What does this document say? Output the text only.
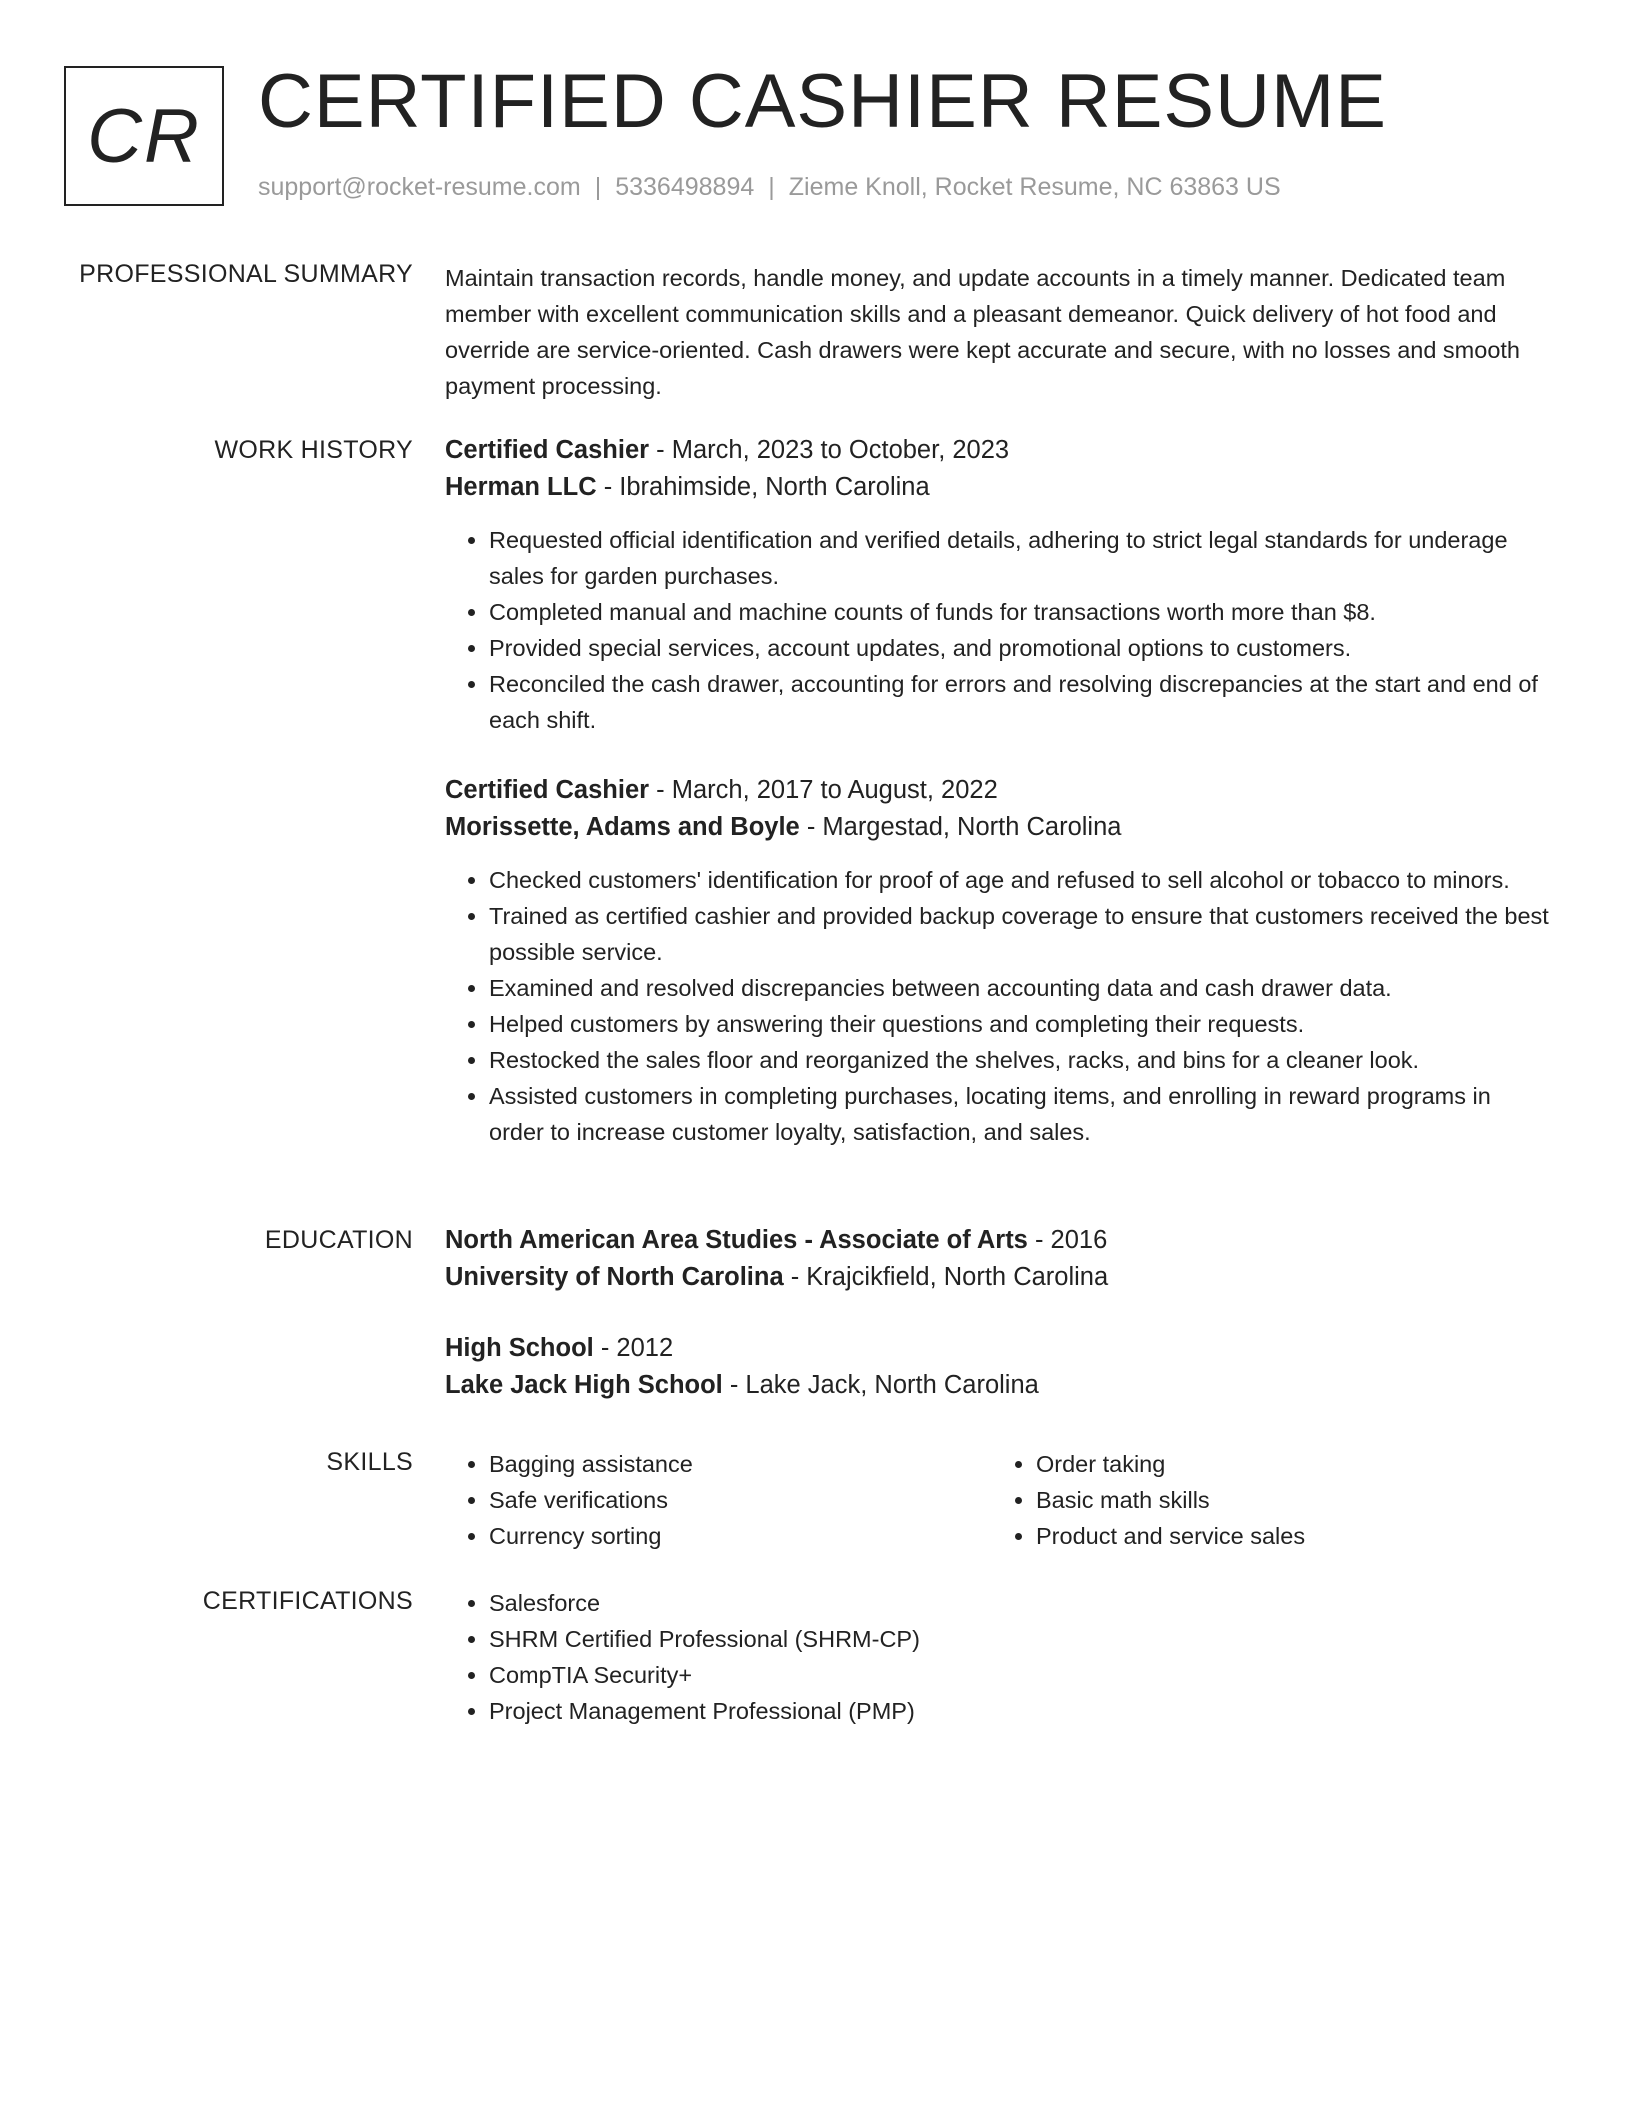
CR CERTIFIED CASHIER RESUME
support@rocket-resume.com | 5336498894 | Zieme Knoll, Rocket Resume, NC 63863 US
PROFESSIONAL SUMMARY Maintain transaction records, handle money, and update accounts in a timely manner. Dedicated team member with excellent communication skills and a pleasant demeanor. Quick delivery of hot food and override are service-oriented. Cash drawers were kept accurate and secure, with no losses and smooth payment processing.

WORK HISTORY Certified Cashier - March, 2023 to October, 2023

Herman LLC - Ibrahimside, North Carolina

• Requested official identification and verified details, adhering to strict legal standards for underage sales for garden purchases.
• Completed manual and machine counts of funds for transactions worth more than $8.
• Provided special services, account updates, and promotional options to customers.
• Reconciled the cash drawer, accounting for errors and resolving discrepancies at the start and end of each shift.

Certified Cashier - March, 2017 to August, 2022

Morissette, Adams and Boyle - Margestad, North Carolina

• Checked customers' identification for proof of age and refused to sell alcohol or tobacco to minors.
• Trained as certified cashier and provided backup coverage to ensure that customers received the best possible service.
• Examined and resolved discrepancies between accounting data and cash drawer data.
• Helped customers by answering their questions and completing their requests.
• Restocked the sales floor and reorganized the shelves, racks, and bins for a cleaner look.
• Assisted customers in completing purchases, locating items, and enrolling in reward programs in order to increase customer loyalty, satisfaction, and sales.
EDUCATION North American Area Studies - Associate of Arts - 2016

University of North Carolina - Krajcikfield, North Carolina

High School - 2012

Lake Jack High School - Lake Jack, North Carolina

SKILLS	• Bagging assistance
• Safe verifications
• Currency sorting
• Order taking
• Basic math skills
• Product and service sales
CERTIFICATIONS	• Salesforce
• SHRM Certified Professional (SHRM-CP)
• CompTIA Security+
• Project Management Professional (PMP)
